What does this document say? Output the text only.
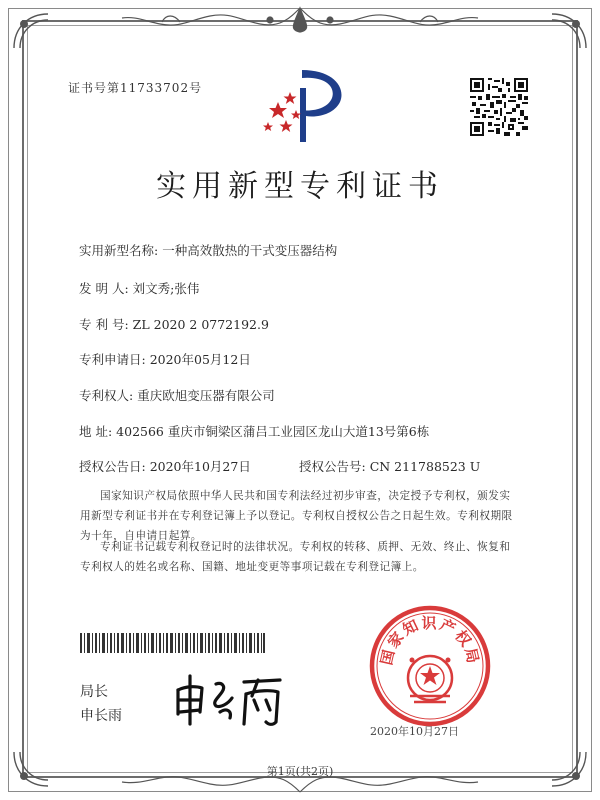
证书号第11733702号
实用新型专利证书
实用新型名称: 一种高效散热的干式变压器结构
发 明 人: 刘文秀;张伟
专 利 号: ZL 2020 2 0772192.9
专利申请日: 2020年05月12日
专利权人: 重庆欧旭变压器有限公司
地 址: 402566 重庆市铜梁区蒲吕工业园区龙山大道13号第6栋
授权公告日: 2020年10月27日	授权公告号: CN 211788523 U
国家知识产权局依照中华人民共和国专利法经过初步审查，决定授予专利权，颁发实用新型专利证书并在专利登记簿上予以登记。专利权自授权公告之日起生效。专利权期限为十年，自申请日起算。
专利证书记载专利权登记时的法律状况。专利权的转移、质押、无效、终止、恢复和专利权人的姓名或名称、国籍、地址变更等事项记载在专利登记簿上。
局长
申长雨
国家知识产权局
2020年10月27日
第1页(共2页)
